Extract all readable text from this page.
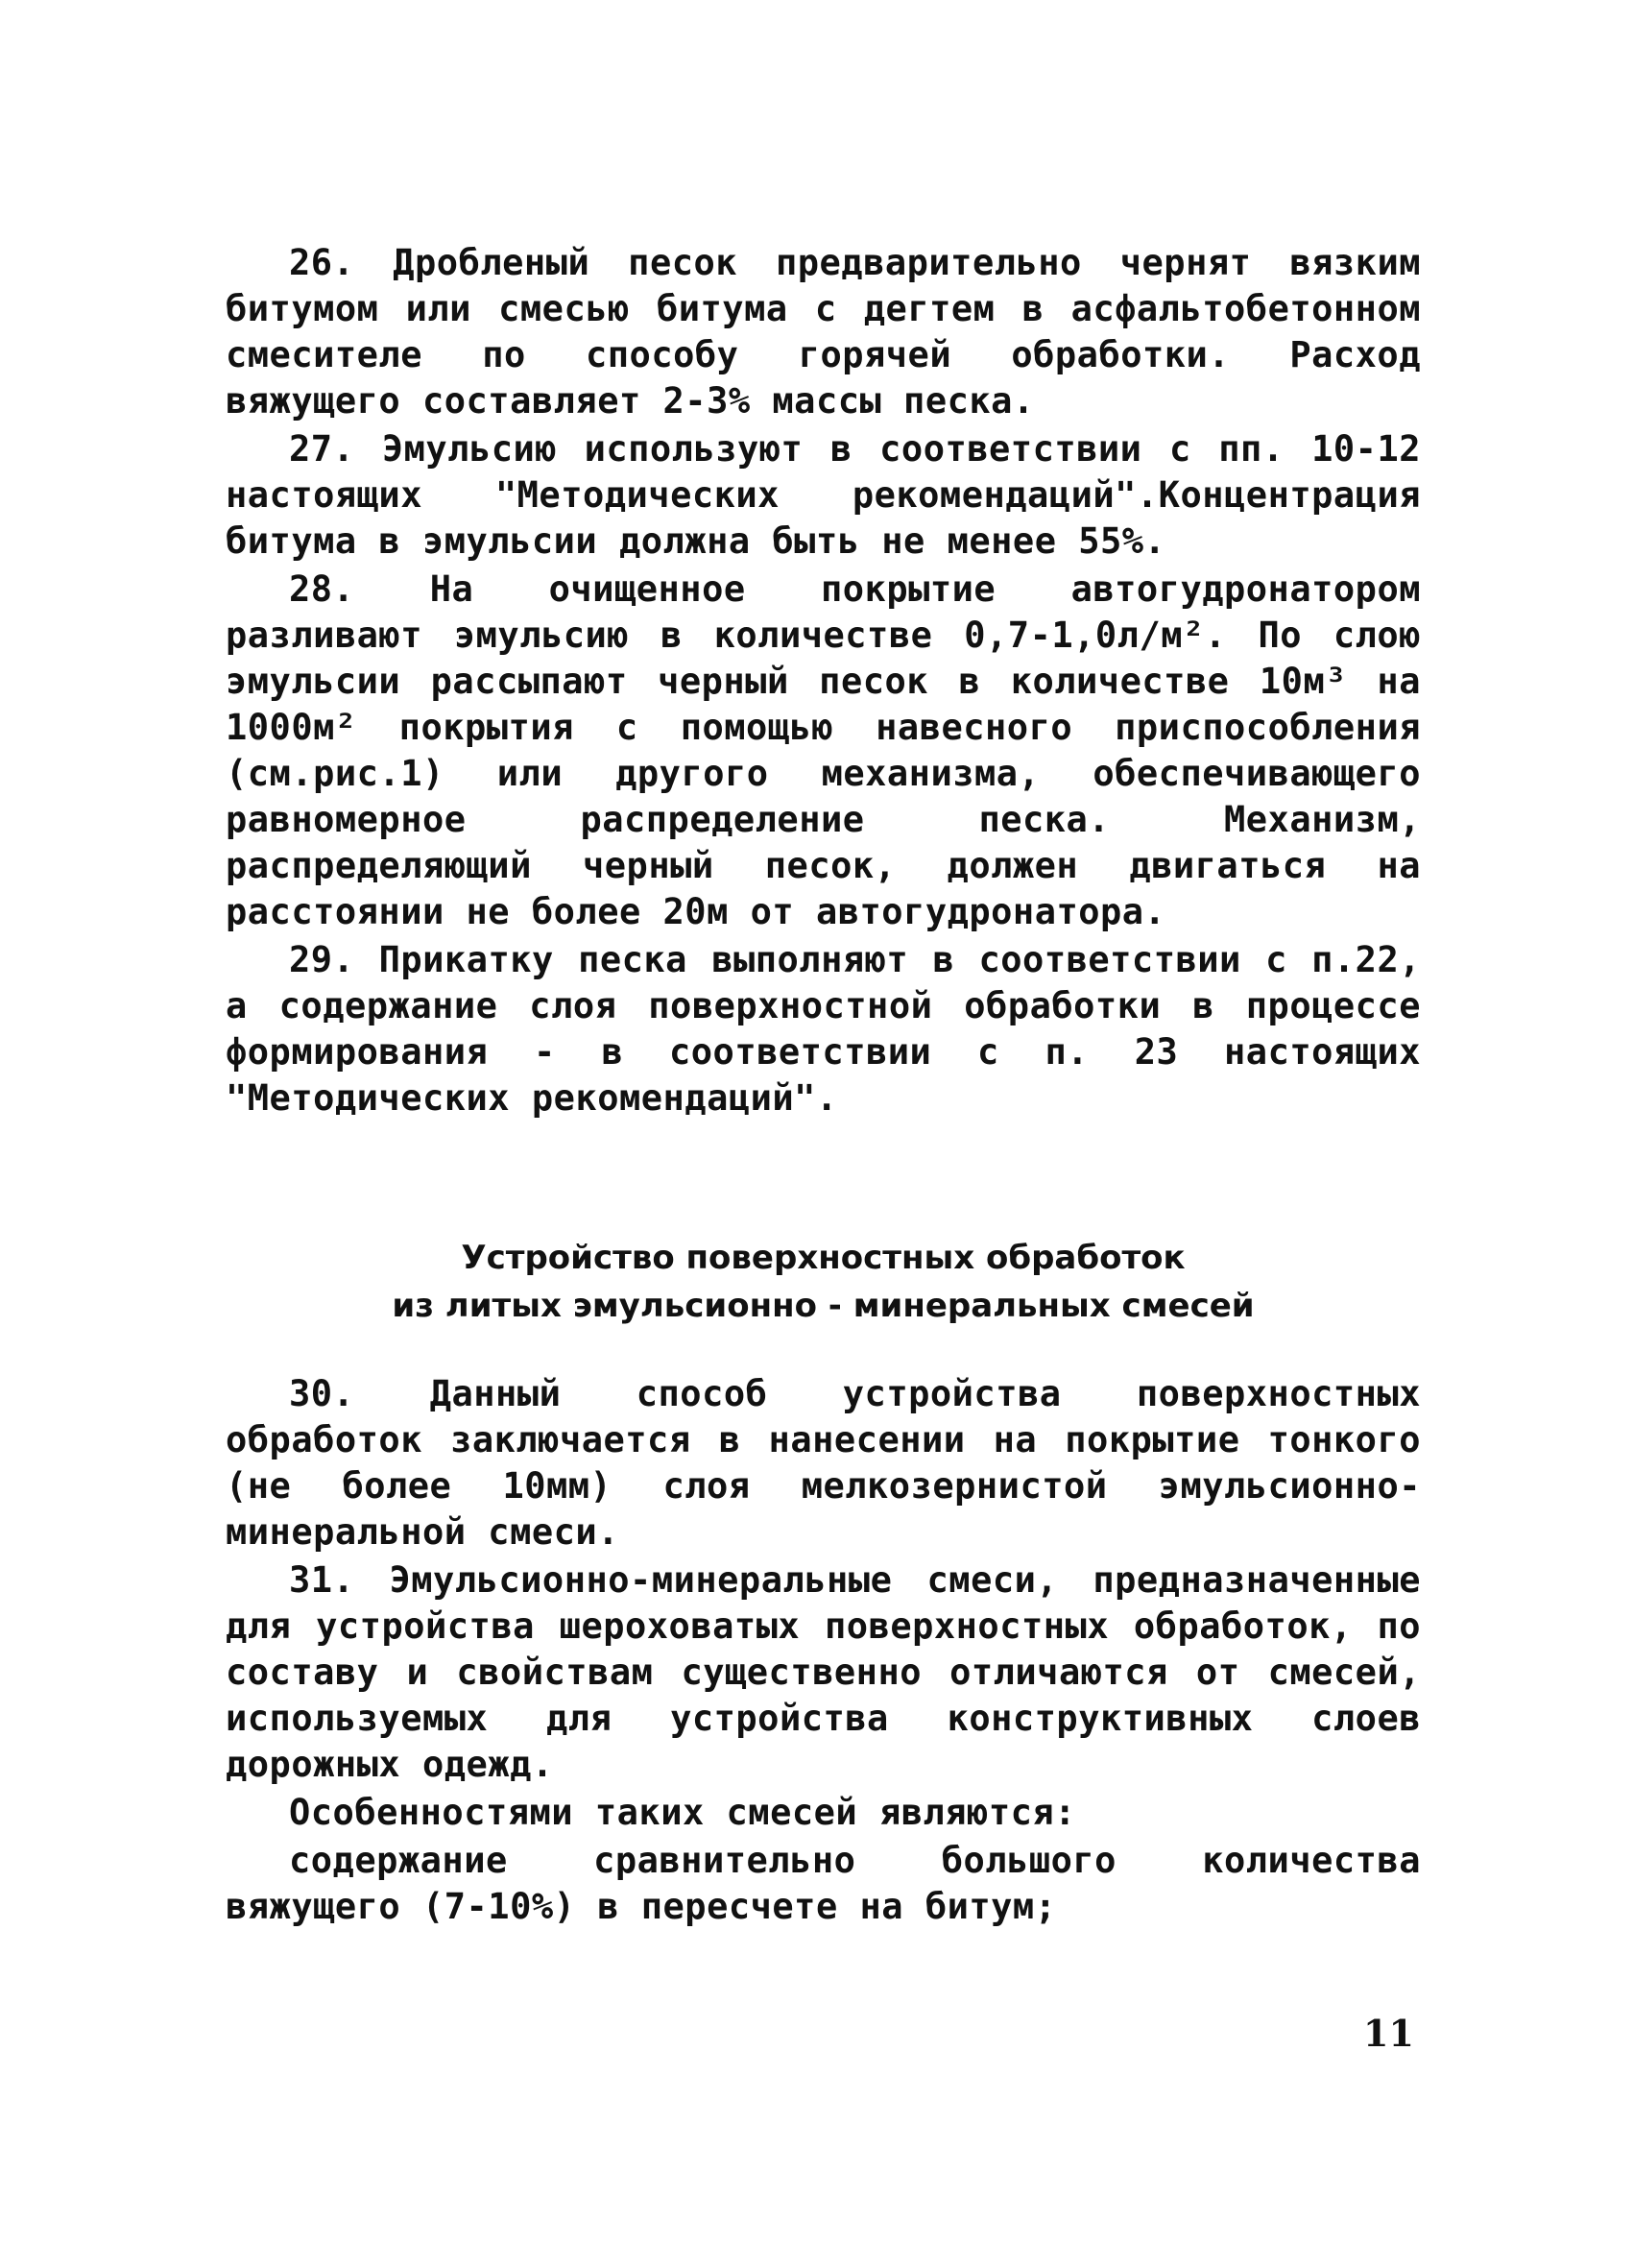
26. Дробленый песок предварительно чернят вязким битумом или смесью битума с дегтем в асфальтобетонном смесителе по способу горячей обработки. Расход вяжущего составляет 2-3% массы песка.

27. Эмульсию используют в соответствии с пп. 10-12 настоящих "Методических рекомендаций".Концентрация битума в эмульсии должна быть не менее 55%.

28. На очищенное покрытие автогудронатором разливают эмульсию в количестве 0,7-1,0л/м². По слою эмульсии рассыпают черный песок в количестве 10м³ на 1000м² покрытия с помощью навесного приспособления (см.рис.1) или другого механизма, обеспечивающего равномерное распределение песка. Механизм, распределяющий черный песок, должен двигаться на расстоянии не более 20м от автогудронатора.

29. Прикатку песка выполняют в соответствии с п.22, а содержание слоя поверхностной обработки в процессе формирования - в соответствии с п. 23 настоящих "Методических рекомендаций".

Устройство поверхностных обработок
из литых эмульсионно - минеральных смесей

30. Данный способ устройства поверхностных обработок заключается в нанесении на покрытие тонкого (не более 10мм) слоя мелкозернистой эмульсионно-минеральной смеси.

31. Эмульсионно-минеральные смеси, предназначенные для устройства шероховатых поверхностных обработок, по составу и свойствам существенно отличаются от смесей, используемых для устройства конструктивных слоев дорожных одежд.

Особенностями таких смесей являются:

содержание сравнительно большого количества вяжущего (7-10%) в пересчете на битум;

11
